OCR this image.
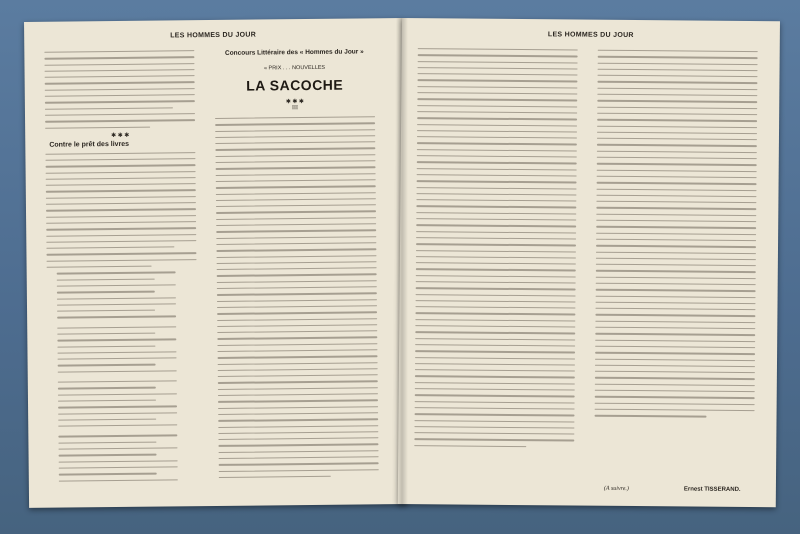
LES HOMMES DU JOUR
✱ ✱ ✱
Contre le prêt des livres
Concours Littéraire des « Hommes du Jour »
« PRIX . . . NOUVELLES
LA SACOCHE
✱ ✱ ✱
III
LES HOMMES DU JOUR
(A suivre.)	Ernest TISSERAND.
